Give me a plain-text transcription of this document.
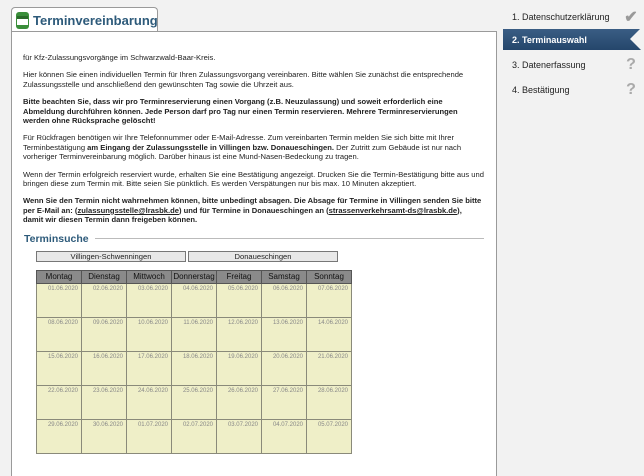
Terminvereinbarung

für Kfz-Zulassungsvorgänge im Schwarzwald-Baar-Kreis.

Hier können Sie einen individuellen Termin für Ihren Zulassungsvorgang vereinbaren. Bitte wählen Sie zunächst die entsprechende Zulassungsstelle und anschließend den gewünschten Tag sowie die Uhrzeit aus.

Bitte beachten Sie, dass wir pro Terminreservierung einen Vorgang (z.B. Neuzulassung) und soweit erforderlich eine Abmeldung durchführen können. Jede Person darf pro Tag nur einen Termin reservieren. Mehrere Terminreservierungen werden ohne Rücksprache gelöscht!

Für Rückfragen benötigen wir Ihre Telefonnummer oder E-Mail-Adresse. Zum vereinbarten Termin melden Sie sich bitte mit Ihrer Terminbestätigung am Eingang der Zulassungsstelle in Villingen bzw. Donaueschingen. Der Zutritt zum Gebäude ist nur nach vorheriger Terminvereinbarung möglich. Darüber hinaus ist eine Mund-Nasen-Bedeckung zu tragen.

Wenn der Termin erfolgreich reserviert wurde, erhalten Sie eine Bestätigung angezeigt. Drucken Sie die Termin-Bestätigung bitte aus und bringen diese zum Termin mit. Bitte seien Sie pünktlich. Es werden Verspätungen nur bis max. 10 Minuten akzeptiert.

Wenn Sie den Termin nicht wahrnehmen können, bitte unbedingt absagen. Die Absage für Termine in Villingen senden Sie bitte per E-Mail an: (zulassungsstelle@lrasbk.de) und für Termine in Donaueschingen an (strassenverkehrsamt-ds@lrasbk.de), damit wir diesen Termin dann freigeben können.

Terminsuche
Villingen-Schwenningen	Donaueschingen
Montag	Dienstag	Mittwoch	Donnerstag	Freitag	Samstag	Sonntag
01.06.2020	02.06.2020	03.06.2020	04.06.2020	05.06.2020	06.06.2020	07.06.2020
08.06.2020	09.06.2020	10.06.2020	11.06.2020	12.06.2020	13.06.2020	14.06.2020
15.06.2020	16.06.2020	17.06.2020	18.06.2020	19.06.2020	20.06.2020	21.06.2020
22.06.2020	23.06.2020	24.06.2020	25.06.2020	26.06.2020	27.06.2020	28.06.2020
29.06.2020	30.06.2020	01.07.2020	02.07.2020	03.07.2020	04.07.2020	05.07.2020
1. Datenschutzerklärung ✔
2. Terminauswahl
3. Datenerfassung	?
4. Bestätigung	?
